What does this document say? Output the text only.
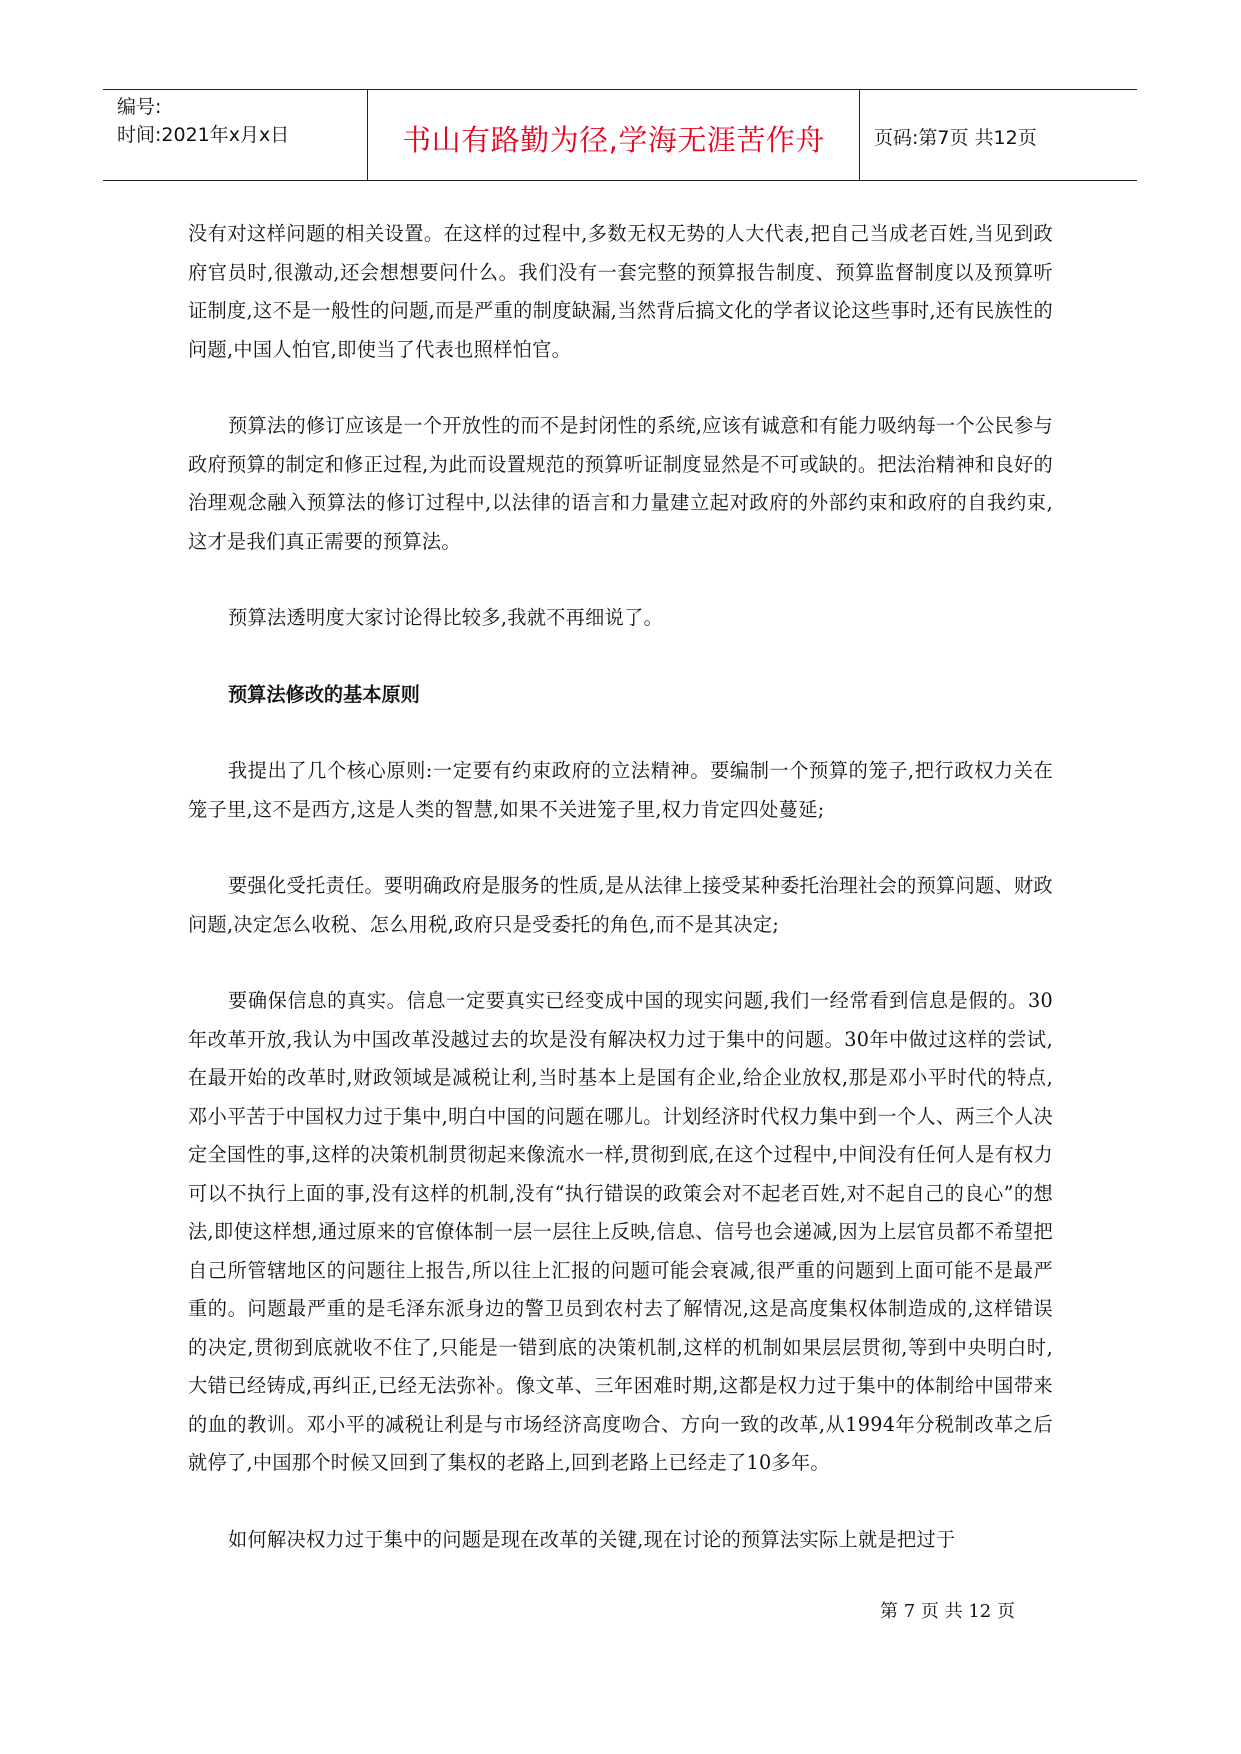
编号:
时间:2021年x月x日	书山有路勤为径,学海无涯苦作舟	页码:第7页 共12页

没有对这样问题的相关设置。在这样的过程中,多数无权无势的人大代表,把自己当成老百姓,当见到政府官员时,很激动,还会想想要问什么。我们没有一套完整的预算报告制度、预算监督制度以及预算听证制度,这不是一般性的问题,而是严重的制度缺漏,当然背后搞文化的学者议论这些事时,还有民族性的问题,中国人怕官,即使当了代表也照样怕官。

预算法的修订应该是一个开放性的而不是封闭性的系统,应该有诚意和有能力吸纳每一个公民参与政府预算的制定和修正过程,为此而设置规范的预算听证制度显然是不可或缺的。把法治精神和良好的治理观念融入预算法的修订过程中,以法律的语言和力量建立起对政府的外部约束和政府的自我约束,这才是我们真正需要的预算法。

预算法透明度大家讨论得比较多,我就不再细说了。

预算法修改的基本原则

我提出了几个核心原则:一定要有约束政府的立法精神。要编制一个预算的笼子,把行政权力关在笼子里,这不是西方,这是人类的智慧,如果不关进笼子里,权力肯定四处蔓延;

要强化受托责任。要明确政府是服务的性质,是从法律上接受某种委托治理社会的预算问题、财政问题,决定怎么收税、怎么用税,政府只是受委托的角色,而不是其决定;

要确保信息的真实。信息一定要真实已经变成中国的现实问题,我们一经常看到信息是假的。30年改革开放,我认为中国改革没越过去的坎是没有解决权力过于集中的问题。30年中做过这样的尝试,在最开始的改革时,财政领域是减税让利,当时基本上是国有企业,给企业放权,那是邓小平时代的特点,邓小平苦于中国权力过于集中,明白中国的问题在哪儿。计划经济时代权力集中到一个人、两三个人决定全国性的事,这样的决策机制贯彻起来像流水一样,贯彻到底,在这个过程中,中间没有任何人是有权力可以不执行上面的事,没有这样的机制,没有“执行错误的政策会对不起老百姓,对不起自己的良心”的想法,即使这样想,通过原来的官僚体制一层一层往上反映,信息、信号也会递减,因为上层官员都不希望把自己所管辖地区的问题往上报告,所以往上汇报的问题可能会衰减,很严重的问题到上面可能不是最严重的。问题最严重的是毛泽东派身边的警卫员到农村去了解情况,这是高度集权体制造成的,这样错误的决定,贯彻到底就收不住了,只能是一错到底的决策机制,这样的机制如果层层贯彻,等到中央明白时,大错已经铸成,再纠正,已经无法弥补。像文革、三年困难时期,这都是权力过于集中的体制给中国带来的血的教训。邓小平的减税让利是与市场经济高度吻合、方向一致的改革,从1994年分税制改革之后就停了,中国那个时候又回到了集权的老路上,回到老路上已经走了10多年。

如何解决权力过于集中的问题是现在改革的关键,现在讨论的预算法实际上就是把过于

第 7 页 共 12 页
